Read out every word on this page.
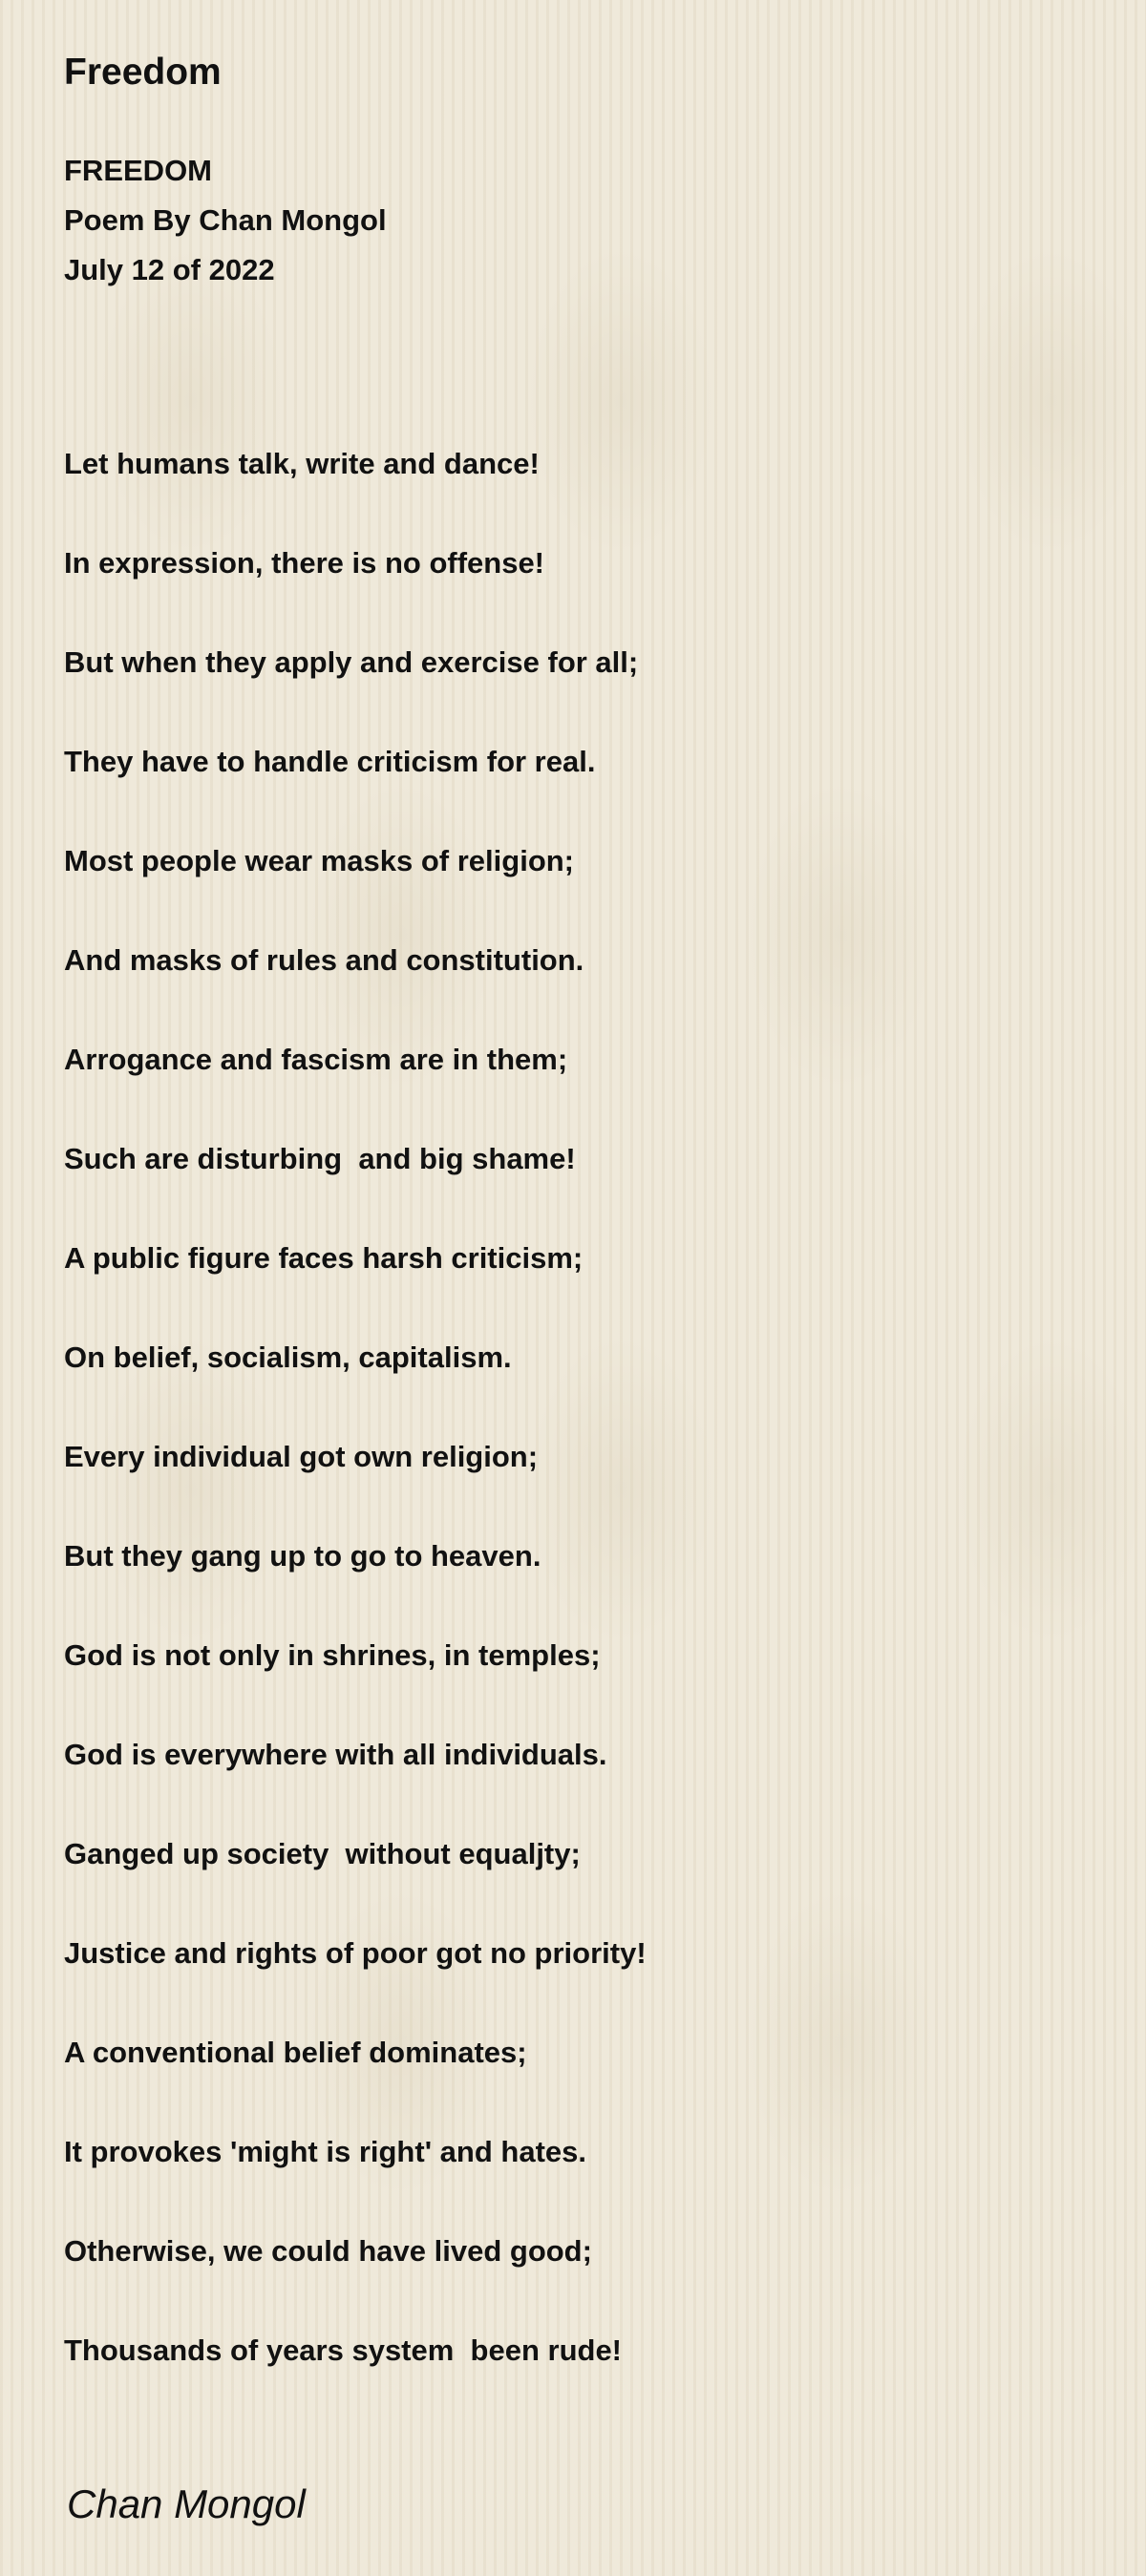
Freedom
FREEDOM
Poem By Chan Mongol
July 12 of 2022
Let humans talk, write and dance!
In expression, there is no offense!
But when they apply and exercise for all;
They have to handle criticism for real.
Most people wear masks of religion;
And masks of rules and constitution.
Arrogance and fascism are in them;
Such are disturbing  and big shame!
A public figure faces harsh criticism;
On belief, socialism, capitalism.
Every individual got own religion;
But they gang up to go to heaven.
God is not only in shrines, in temples;
God is everywhere with all individuals.
Ganged up society  without equaljty;
Justice and rights of poor got no priority!
A conventional belief dominates;
It provokes 'might is right' and hates.
Otherwise, we could have lived good;
Thousands of years system  been rude!
Chan Mongol
